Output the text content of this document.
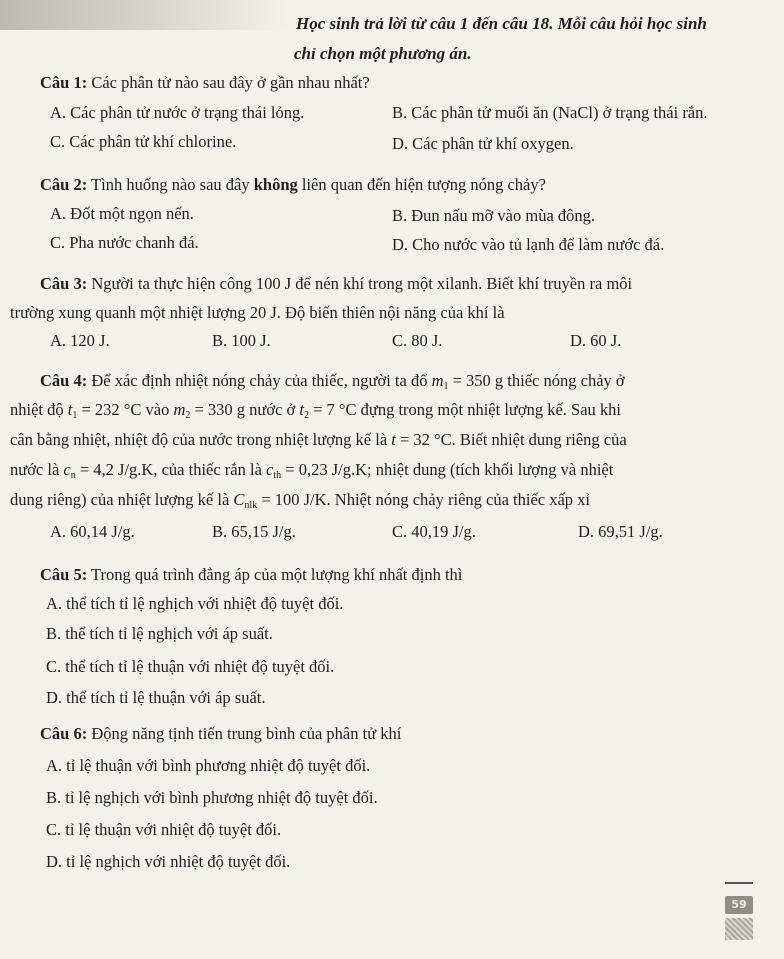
Học sinh trả lời từ câu 1 đến câu 18. Mỗi câu hỏi học sinh
chỉ chọn một phương án.
Câu 1: Các phân tử nào sau đây ở gần nhau nhất?
A. Các phân tử nước ở trạng thái lỏng.	B. Các phân tử muối ăn (NaCl) ở trạng thái rắn.
C. Các phân tử khí chlorine.	D. Các phân tử khí oxygen.
Câu 2: Tình huống nào sau đây không liên quan đến hiện tượng nóng chảy?
A. Đốt một ngọn nến.	B. Đun nấu mỡ vào mùa đông.
C. Pha nước chanh đá.	D. Cho nước vào tủ lạnh để làm nước đá.
Câu 3: Người ta thực hiện công 100 J để nén khí trong một xilanh. Biết khí truyền ra môi
trường xung quanh một nhiệt lượng 20 J. Độ biến thiên nội năng của khí là
A. 120 J.	B. 100 J.	C. 80 J.	D. 60 J.
Câu 4: Để xác định nhiệt nóng chảy của thiếc, người ta đổ $m_1 = 350$ g thiếc nóng chảy ở
nhiệt độ $t_1 = 232$ °C vào $m_2 = 330$ g nước ở $t_2 = 7$ °C đựng trong một nhiệt lượng kế. Sau khi
cân bằng nhiệt, nhiệt độ của nước trong nhiệt lượng kế là t = 32 °C. Biết nhiệt dung riêng của
nước là $c_n = 4,2$ J/g.K, của thiếc rắn là $c_{th} = 0,23$ J/g.K; nhiệt dung (tích khối lượng và nhiệt
dung riêng) của nhiệt lượng kế là $C_{nlk} = 100$ J/K. Nhiệt nóng chảy riêng của thiếc xấp xỉ
A. 60,14 J/g.	B. 65,15 J/g.	C. 40,19 J/g.	D. 69,51 J/g.
Câu 5: Trong quá trình đẳng áp của một lượng khí nhất định thì
A. thể tích tỉ lệ nghịch với nhiệt độ tuyệt đối.
B. thể tích tỉ lệ nghịch với áp suất.
C. thể tích tỉ lệ thuận với nhiệt độ tuyệt đối.
D. thể tích tỉ lệ thuận với áp suất.
Câu 6: Động năng tịnh tiến trung bình của phân tử khí
A. tỉ lệ thuận với bình phương nhiệt độ tuyệt đối.
B. tỉ lệ nghịch với bình phương nhiệt độ tuyệt đối.
C. tỉ lệ thuận với nhiệt độ tuyệt đối.
D. tỉ lệ nghịch với nhiệt độ tuyệt đối.
59
